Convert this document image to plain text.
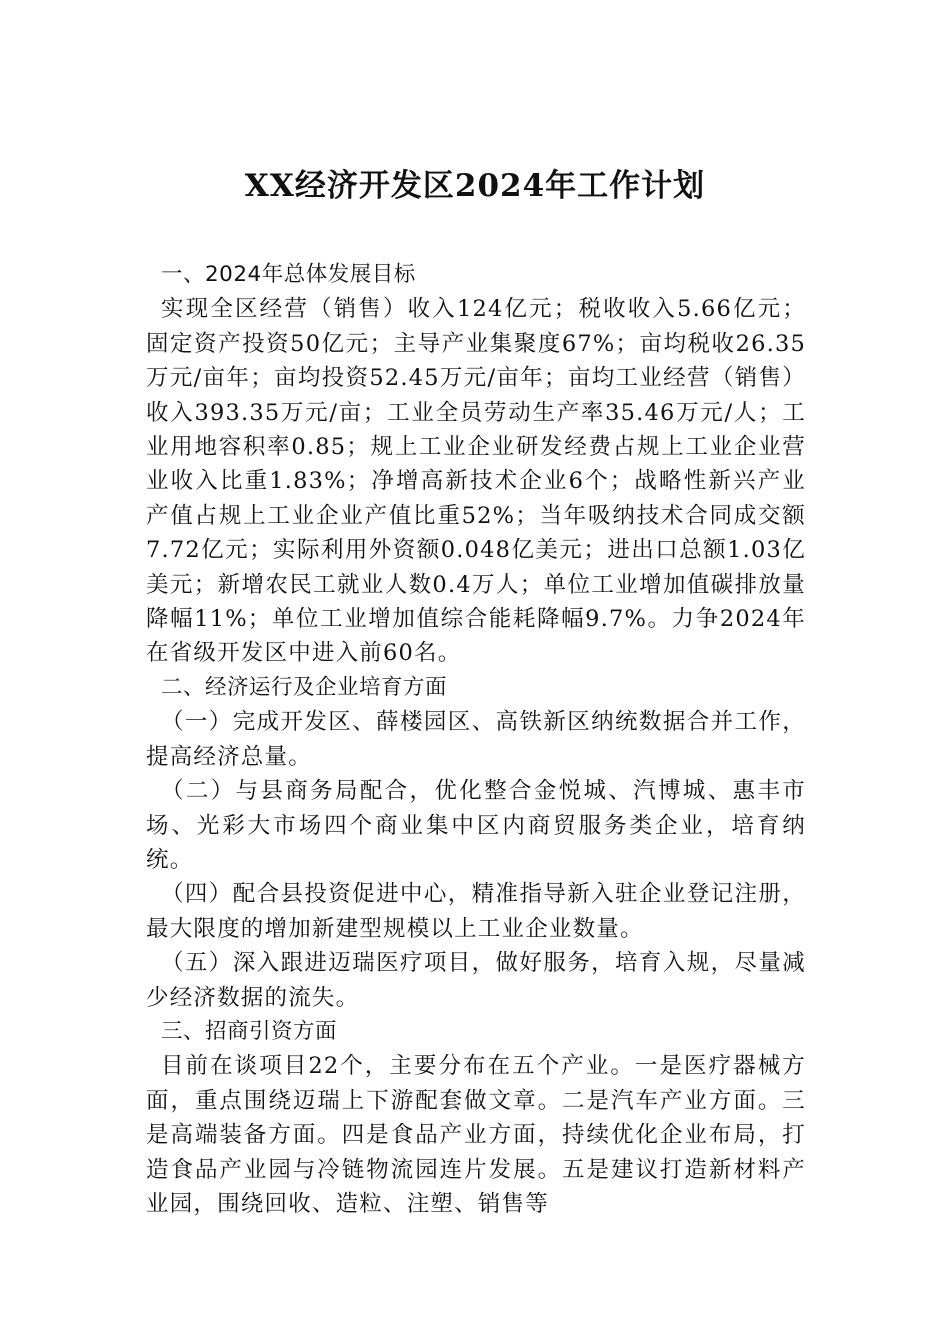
XX经济开发区2024年工作计划
一、2024年总体发展目标

实现全区经营（销售）收入124亿元；税收收入5.66亿元；固定资产投资50亿元；主导产业集聚度67%；亩均税收26.35万元/亩年；亩均投资52.45万元/亩年；亩均工业经营（销售）收入393.35万元/亩；工业全员劳动生产率35.46万元/人；工业用地容积率0.85；规上工业企业研发经费占规上工业企业营业收入比重1.83%；净增高新技术企业6个；战略性新兴产业产值占规上工业企业产值比重52%；当年吸纳技术合同成交额7.72亿元；实际利用外资额0.048亿美元；进出口总额1.03亿美元；新增农民工就业人数0.4万人；单位工业增加值碳排放量降幅11%；单位工业增加值综合能耗降幅9.7%。力争2024年在省级开发区中进入前60名。

二、经济运行及企业培育方面

（一）完成开发区、薛楼园区、高铁新区纳统数据合并工作，提高经济总量。

（二）与县商务局配合，优化整合金悦城、汽博城、惠丰市场、光彩大市场四个商业集中区内商贸服务类企业，培育纳统。

（四）配合县投资促进中心，精准指导新入驻企业登记注册，最大限度的增加新建型规模以上工业企业数量。

（五）深入跟进迈瑞医疗项目，做好服务，培育入规，尽量减少经济数据的流失。

三、招商引资方面

目前在谈项目22个，主要分布在五个产业。一是医疗器械方面，重点围绕迈瑞上下游配套做文章。二是汽车产业方面。三是高端装备方面。四是食品产业方面，持续优化企业布局，打造食品产业园与冷链物流园连片发展。五是建议打造新材料产业园，围绕回收、造粒、注塑、销售等
